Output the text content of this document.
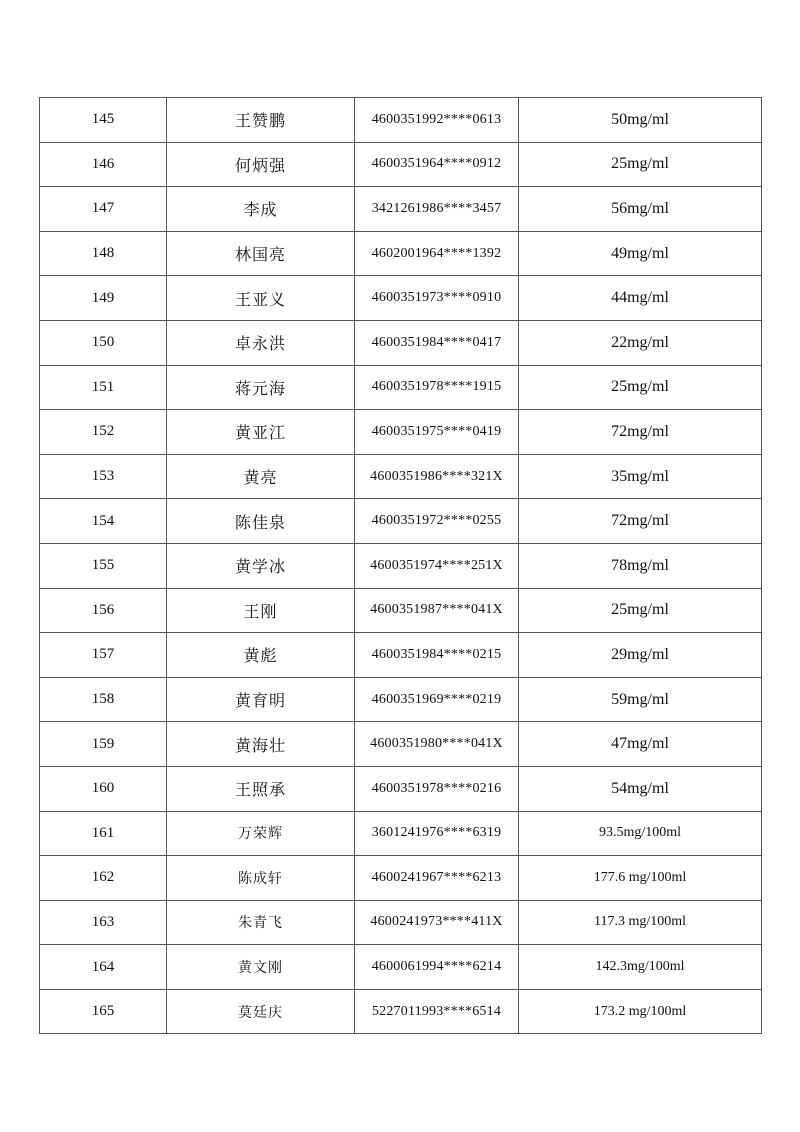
145	王赞鹏	4600351992****0613	50mg/ml
146	何炳强	4600351964****0912	25mg/ml
147	李成	3421261986****3457	56mg/ml
148	林国亮	4602001964****1392	49mg/ml
149	王亚义	4600351973****0910	44mg/ml
150	卓永洪	4600351984****0417	22mg/ml
151	蒋元海	4600351978****1915	25mg/ml
152	黄亚江	4600351975****0419	72mg/ml
153	黄亮	4600351986****321X	35mg/ml
154	陈佳泉	4600351972****0255	72mg/ml
155	黄学冰	4600351974****251X	78mg/ml
156	王刚	4600351987****041X	25mg/ml
157	黄彪	4600351984****0215	29mg/ml
158	黄育明	4600351969****0219	59mg/ml
159	黄海壮	4600351980****041X	47mg/ml
160	王照承	4600351978****0216	54mg/ml
161	万荣辉	3601241976****6319	93.5mg/100ml
162	陈成轩	4600241967****6213	177.6 mg/100ml
163	朱青飞	4600241973****411X	117.3 mg/100ml
164	黄文刚	4600061994****6214	142.3mg/100ml
165	莫廷庆	5227011993****6514	173.2 mg/100ml
